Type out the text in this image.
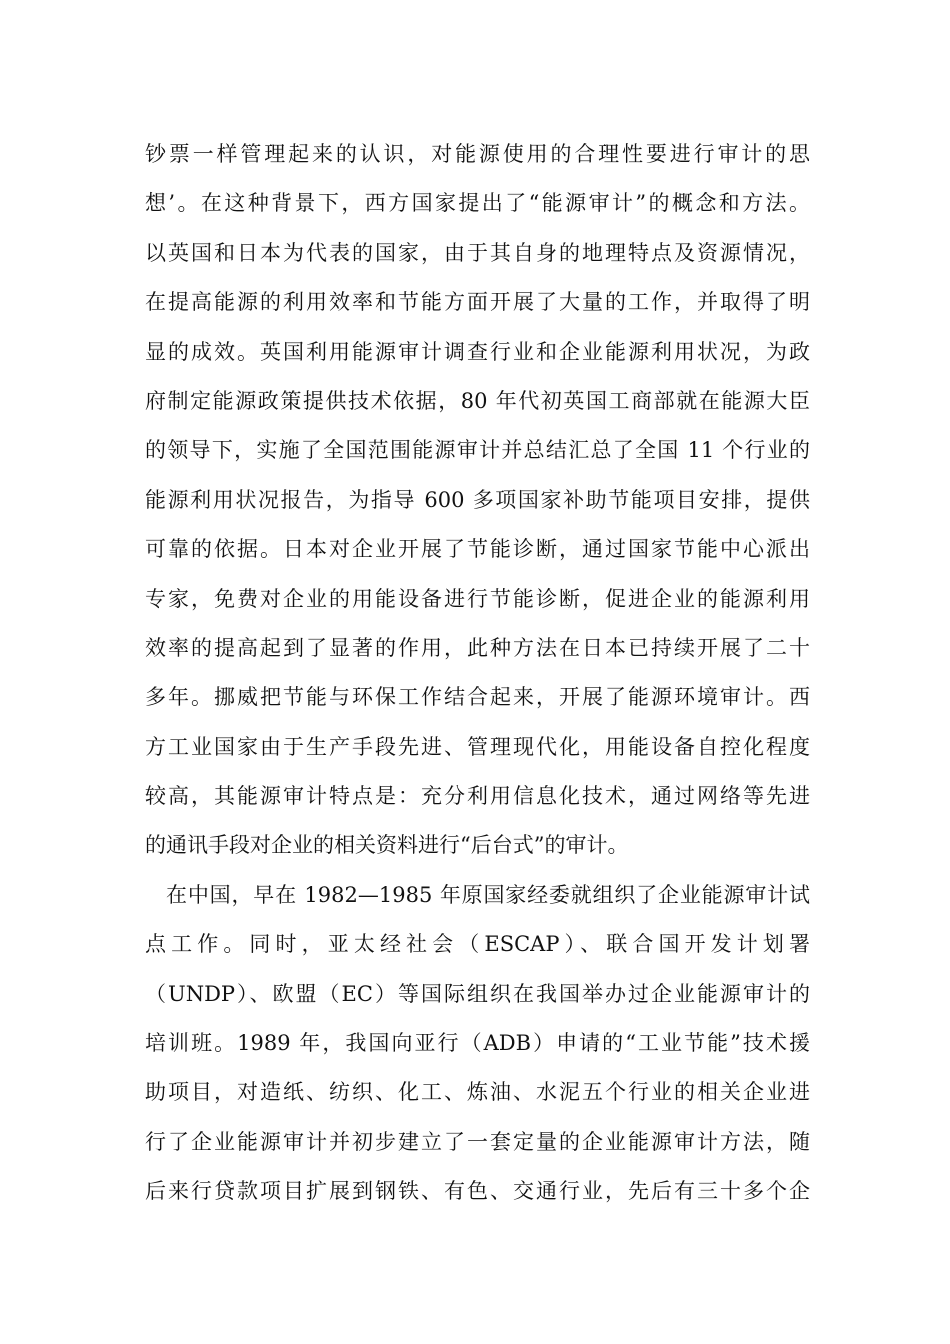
钞票一样管理起来的认识，对能源使用的合理性要进行审计的思
想’。在这种背景下，西方国家提出了“能源审计”的概念和方法。
以英国和日本为代表的国家，由于其自身的地理特点及资源情况，
在提高能源的利用效率和节能方面开展了大量的工作，并取得了明
显的成效。英国利用能源审计调查行业和企业能源利用状况，为政
府制定能源政策提供技术依据，80 年代初英国工商部就在能源大臣
的领导下，实施了全国范围能源审计并总结汇总了全国 11 个行业的
能源利用状况报告，为指导 600 多项国家补助节能项目安排，提供
可靠的依据。日本对企业开展了节能诊断，通过国家节能中心派出
专家，免费对企业的用能设备进行节能诊断，促进企业的能源利用
效率的提高起到了显著的作用，此种方法在日本已持续开展了二十
多年。挪威把节能与环保工作结合起来，开展了能源环境审计。西
方工业国家由于生产手段先进、管理现代化，用能设备自控化程度
较高，其能源审计特点是：充分利用信息化技术，通过网络等先进
的通讯手段对企业的相关资料进行“后台式”的审计。
在中国，早在 1982—1985 年原国家经委就组织了企业能源审计试
点工作。同时，亚太经社会（ESCAP）、联合国开发计划署
（UNDP）、欧盟（EC）等国际组织在我国举办过企业能源审计的
培训班。1989 年，我国向亚行（ADB）申请的“工业节能”技术援
助项目，对造纸、纺织、化工、炼油、水泥五个行业的相关企业进
行了企业能源审计并初步建立了一套定量的企业能源审计方法，随
后来行贷款项目扩展到钢铁、有色、交通行业，先后有三十多个企
